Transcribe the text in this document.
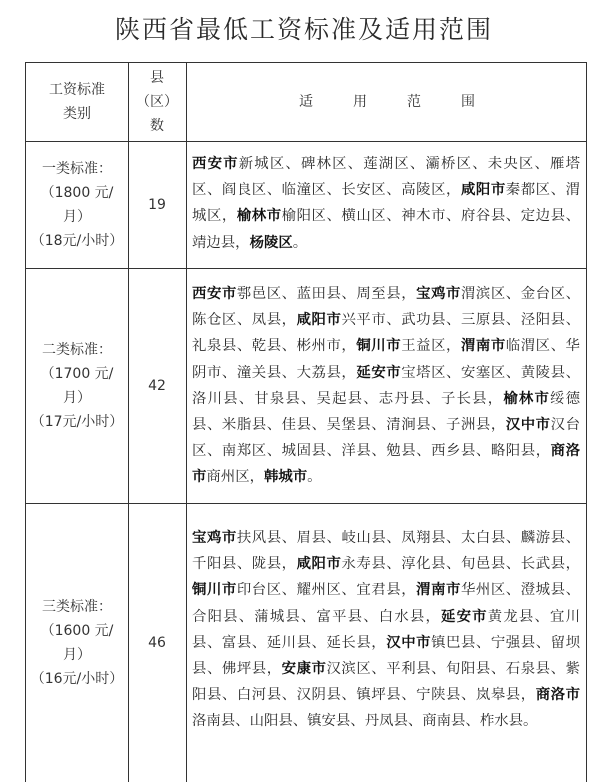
陕西省最低工资标准及适用范围
工资标准
类别
县
（区）
数
适用范围
一类标准：
（1800 元/
月）
（18元/小时）
19
西安市新城区、碑林区、莲湖区、灞桥区、未央区、雁塔区、阎良区、临潼区、长安区、高陵区，咸阳市秦都区、渭城区，榆林市榆阳区、横山区、神木市、府谷县、定边县、靖边县，杨陵区。
二类标准：
（1700 元/
月）
（17元/小时）
42
西安市鄠邑区、蓝田县、周至县，宝鸡市渭滨区、金台区、陈仓区、凤县，咸阳市兴平市、武功县、三原县、泾阳县、礼泉县、乾县、彬州市，铜川市王益区，渭南市临渭区、华阴市、潼关县、大荔县，延安市宝塔区、安塞区、黄陵县、洛川县、甘泉县、吴起县、志丹县、子长县，榆林市绥德县、米脂县、佳县、吴堡县、清涧县、子洲县，汉中市汉台区、南郑区、城固县、洋县、勉县、西乡县、略阳县，商洛市商州区，韩城市。
三类标准：
（1600 元/
月）
（16元/小时）
46
宝鸡市扶风县、眉县、岐山县、凤翔县、太白县、麟游县、千阳县、陇县，咸阳市永寿县、淳化县、旬邑县、长武县，铜川市印台区、耀州区、宜君县，渭南市华州区、澄城县、合阳县、蒲城县、富平县、白水县，延安市黄龙县、宜川县、富县、延川县、延长县，汉中市镇巴县、宁强县、留坝县、佛坪县，安康市汉滨区、平利县、旬阳县、石泉县、紫阳县、白河县、汉阴县、镇坪县、宁陕县、岚皋县，商洛市洛南县、山阳县、镇安县、丹凤县、商南县、柞水县。
